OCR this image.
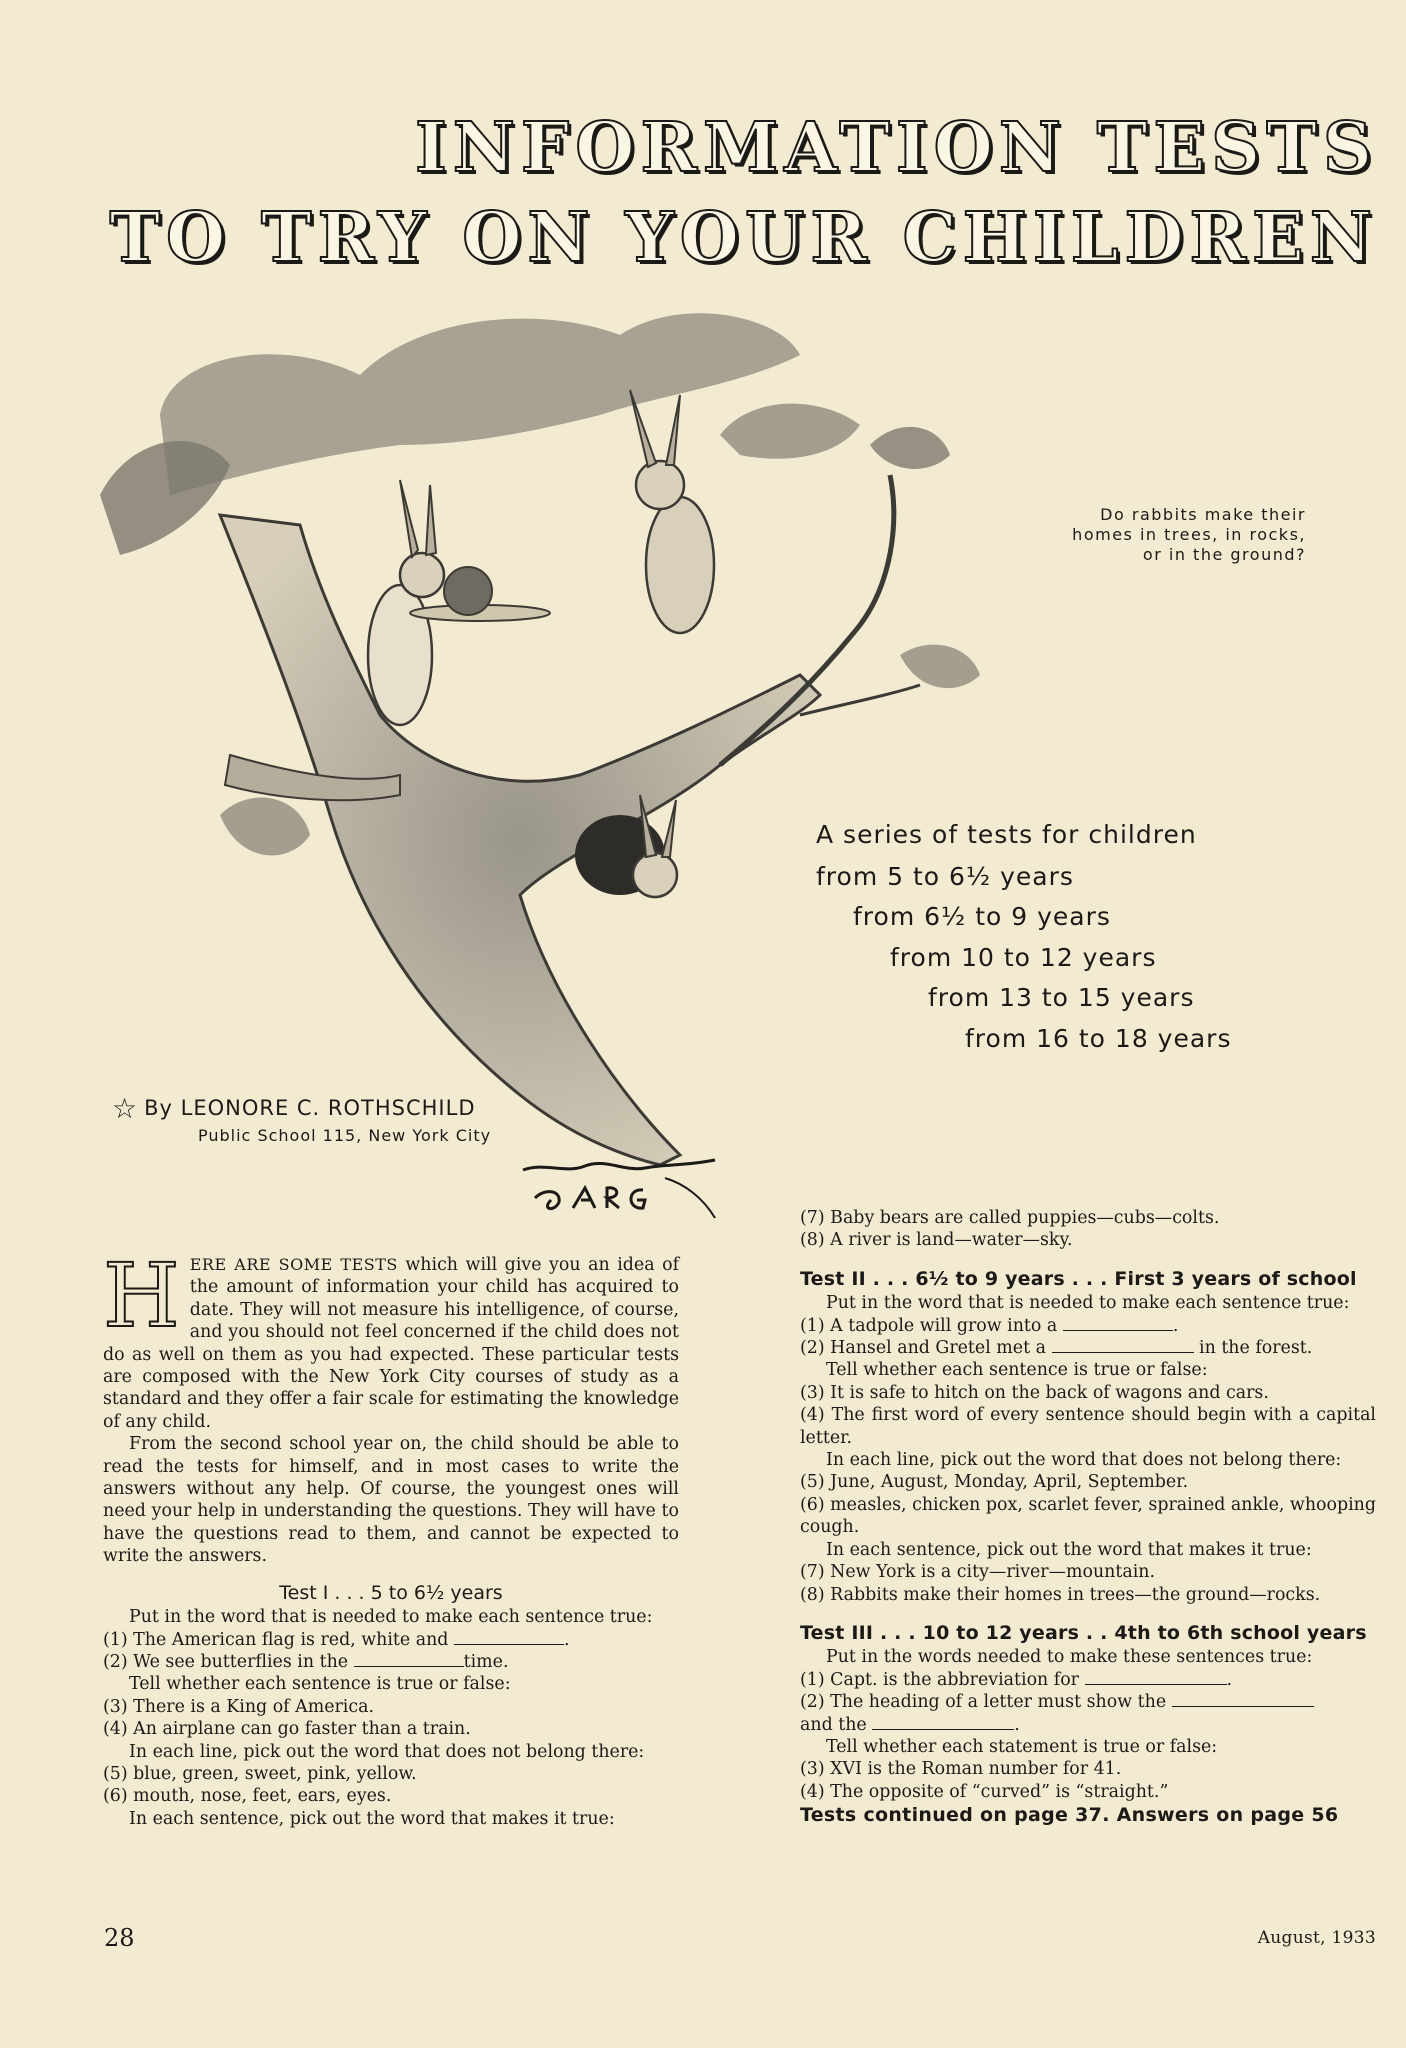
INFORMATION TESTS
TO TRY ON YOUR CHILDREN
Do rabbits make their homes in trees, in rocks, or in the ground?
A series of tests for children
from 5 to 6½ years
from 6½ to 9 years
from 10 to 12 years
from 13 to 15 years
from 16 to 18 years
☆ By LEONORE C. ROTHSCHILD
Public School 115, New York City

HERE ARE SOME TESTS which will give you an idea of the amount of information your child has acquired to date. They will not measure his intelligence, of course, and you should not feel concerned if the child does not do as well on them as you had expected. These particular tests are composed with the New York City courses of study as a standard and they offer a fair scale for estimating the knowledge of any child.

From the second school year on, the child should be able to read the tests for himself, and in most cases to write the answers without any help. Of course, the youngest ones will need your help in understanding the questions. They will have to have the questions read to them, and cannot be expected to write the answers.

Test I . . . 5 to 6½ years

Put in the word that is needed to make each sentence true:

(1) The American flag is red, white and	.

(2) We see butterflies in the	time.

Tell whether each sentence is true or false:

(3) There is a King of America.

(4) An airplane can go faster than a train.

In each line, pick out the word that does not belong there:

(5) blue, green, sweet, pink, yellow.

(6) mouth, nose, feet, ears, eyes.

In each sentence, pick out the word that makes it true:

(7) Baby bears are called puppies—cubs—colts.

(8) A river is land—water—sky.

Test II . . . 6½ to 9 years . . . First 3 years of school

Put in the word that is needed to make each sentence true:

(1) A tadpole will grow into a	.

(2) Hansel and Gretel met a	in the forest.

Tell whether each sentence is true or false:

(3) It is safe to hitch on the back of wagons and cars.

(4) The first word of every sentence should begin with a capital letter.

In each line, pick out the word that does not belong there:

(5) June, August, Monday, April, September.

(6) measles, chicken pox, scarlet fever, sprained ankle, whooping cough.

In each sentence, pick out the word that makes it true:

(7) New York is a city—river—mountain.

(8) Rabbits make their homes in trees—the ground—rocks.

Test III . . . 10 to 12 years . . 4th to 6th school years

Put in the words needed to make these sentences true:

(1) Capt. is the abbreviation for	.

(2) The heading of a letter must show the

and the	.

Tell whether each statement is true or false:

(3) XVI is the Roman number for 41.

(4) The opposite of “curved” is “straight.”

Tests continued on page 37. Answers on page 56
28	August, 1933
